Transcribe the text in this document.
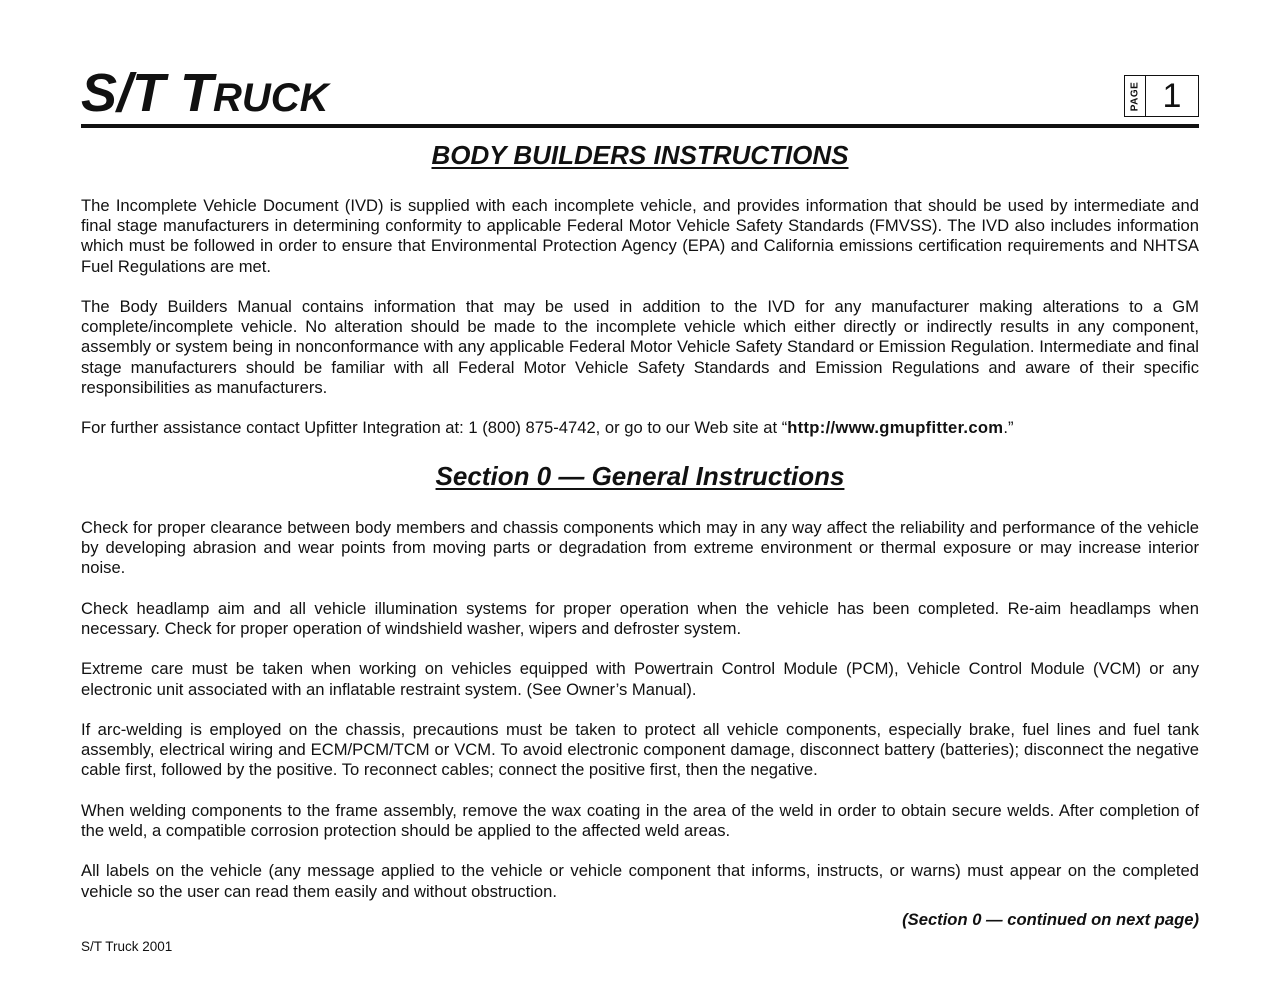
S/T TRUCK	PAGE 1
BODY BUILDERS INSTRUCTIONS

The Incomplete Vehicle Document (IVD) is supplied with each incomplete vehicle, and provides information that should be used by intermediate and final stage manufacturers in determining conformity to applicable Federal Motor Vehicle Safety Standards (FMVSS). The IVD also includes information which must be followed in order to ensure that Environmental Protection Agency (EPA) and California emissions certification requirements and NHTSA Fuel Regulations are met.

The Body Builders Manual contains information that may be used in addition to the IVD for any manufacturer making alterations to a GM complete/incomplete vehicle. No alteration should be made to the incomplete vehicle which either directly or indirectly results in any component, assembly or system being in nonconformance with any applicable Federal Motor Vehicle Safety Standard or Emission Regulation. Intermediate and final stage manufacturers should be familiar with all Federal Motor Vehicle Safety Standards and Emission Regulations and aware of their specific responsibilities as manufacturers.

For further assistance contact Upfitter Integration at: 1 (800) 875-4742, or go to our Web site at “http://www.gmupfitter.com.”

Section 0 — General Instructions

Check for proper clearance between body members and chassis components which may in any way affect the reliability and performance of the vehicle by developing abrasion and wear points from moving parts or degradation from extreme environment or thermal exposure or may increase interior noise.

Check headlamp aim and all vehicle illumination systems for proper operation when the vehicle has been completed. Re-aim headlamps when necessary. Check for proper operation of windshield washer, wipers and defroster system.

Extreme care must be taken when working on vehicles equipped with Powertrain Control Module (PCM), Vehicle Control Module (VCM) or any electronic unit associated with an inflatable restraint system. (See Owner’s Manual).

If arc-welding is employed on the chassis, precautions must be taken to protect all vehicle components, especially brake, fuel lines and fuel tank assembly, electrical wiring and ECM/PCM/TCM or VCM. To avoid electronic component damage, disconnect battery (batteries); disconnect the negative cable first, followed by the positive. To reconnect cables; connect the positive first, then the negative.

When welding components to the frame assembly, remove the wax coating in the area of the weld in order to obtain secure welds. After completion of the weld, a compatible corrosion protection should be applied to the affected weld areas.

All labels on the vehicle (any message applied to the vehicle or vehicle component that informs, instructs, or warns) must appear on the completed vehicle so the user can read them easily and without obstruction.

(Section 0 — continued on next page)
S/T Truck 2001
